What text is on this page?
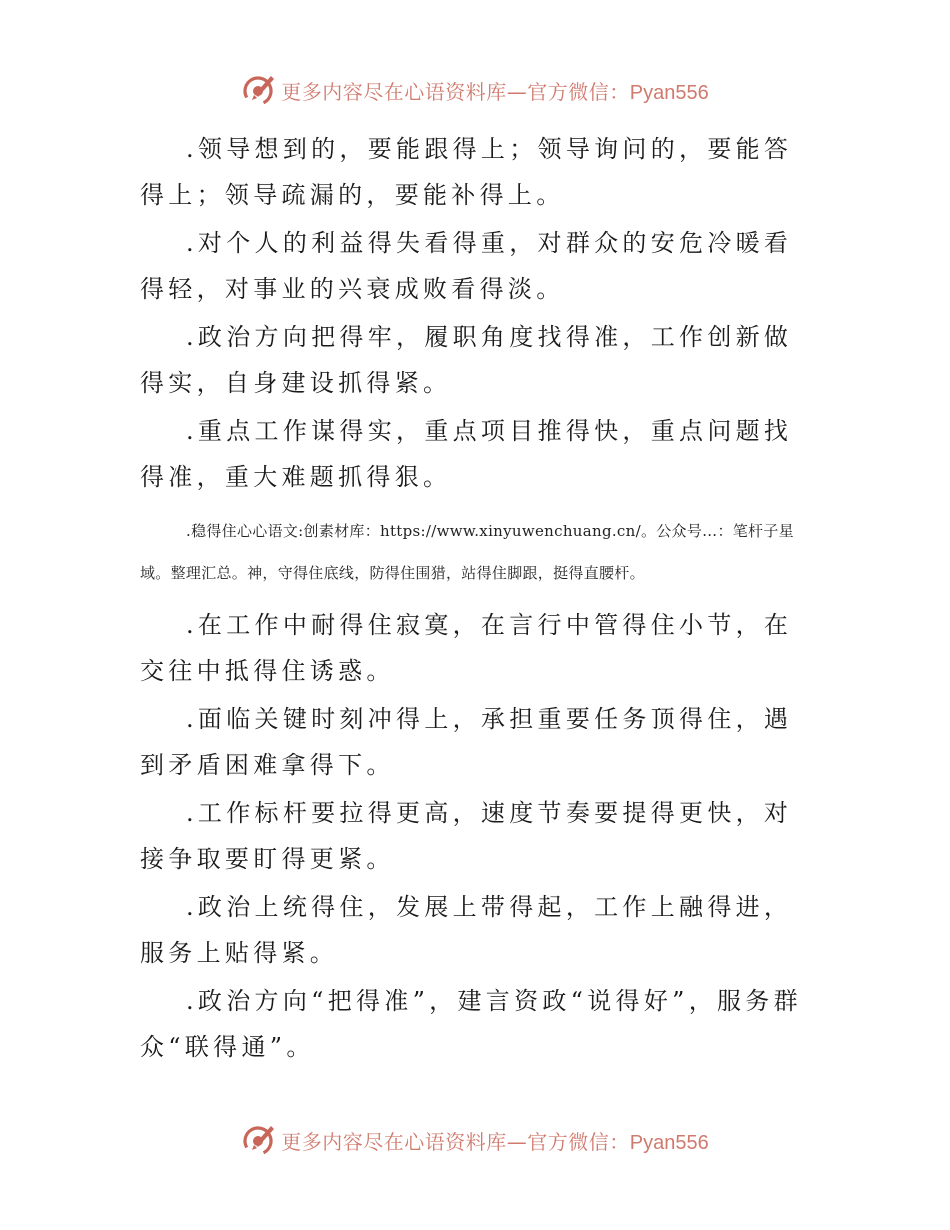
更多内容尽在心语资料库—官方微信：Pyan556

.领导想到的，要能跟得上；领导询问的，要能答得上；领导疏漏的，要能补得上。

.对个人的利益得失看得重，对群众的安危冷暖看得轻，对事业的兴衰成败看得淡。

.政治方向把得牢，履职角度找得准，工作创新做得实，自身建设抓得紧。

.重点工作谋得实，重点项目推得快，重点问题找得准，重大难题抓得狠。

.稳得住心心语文:创素材库：https://www.xinyuwenchuang.cn/。公众号…：笔杆子星域。整理汇总。神，守得住底线，防得住围猎，站得住脚跟，挺得直腰杆。

.在工作中耐得住寂寞，在言行中管得住小节，在交往中抵得住诱惑。

.面临关键时刻冲得上，承担重要任务顶得住，遇到矛盾困难拿得下。

.工作标杆要拉得更高，速度节奏要提得更快，对接争取要盯得更紧。

.政治上统得住，发展上带得起，工作上融得进，服务上贴得紧。

.政治方向“把得准”，建言资政“说得好”，服务群众“联得通”。

更多内容尽在心语资料库—官方微信：Pyan556
